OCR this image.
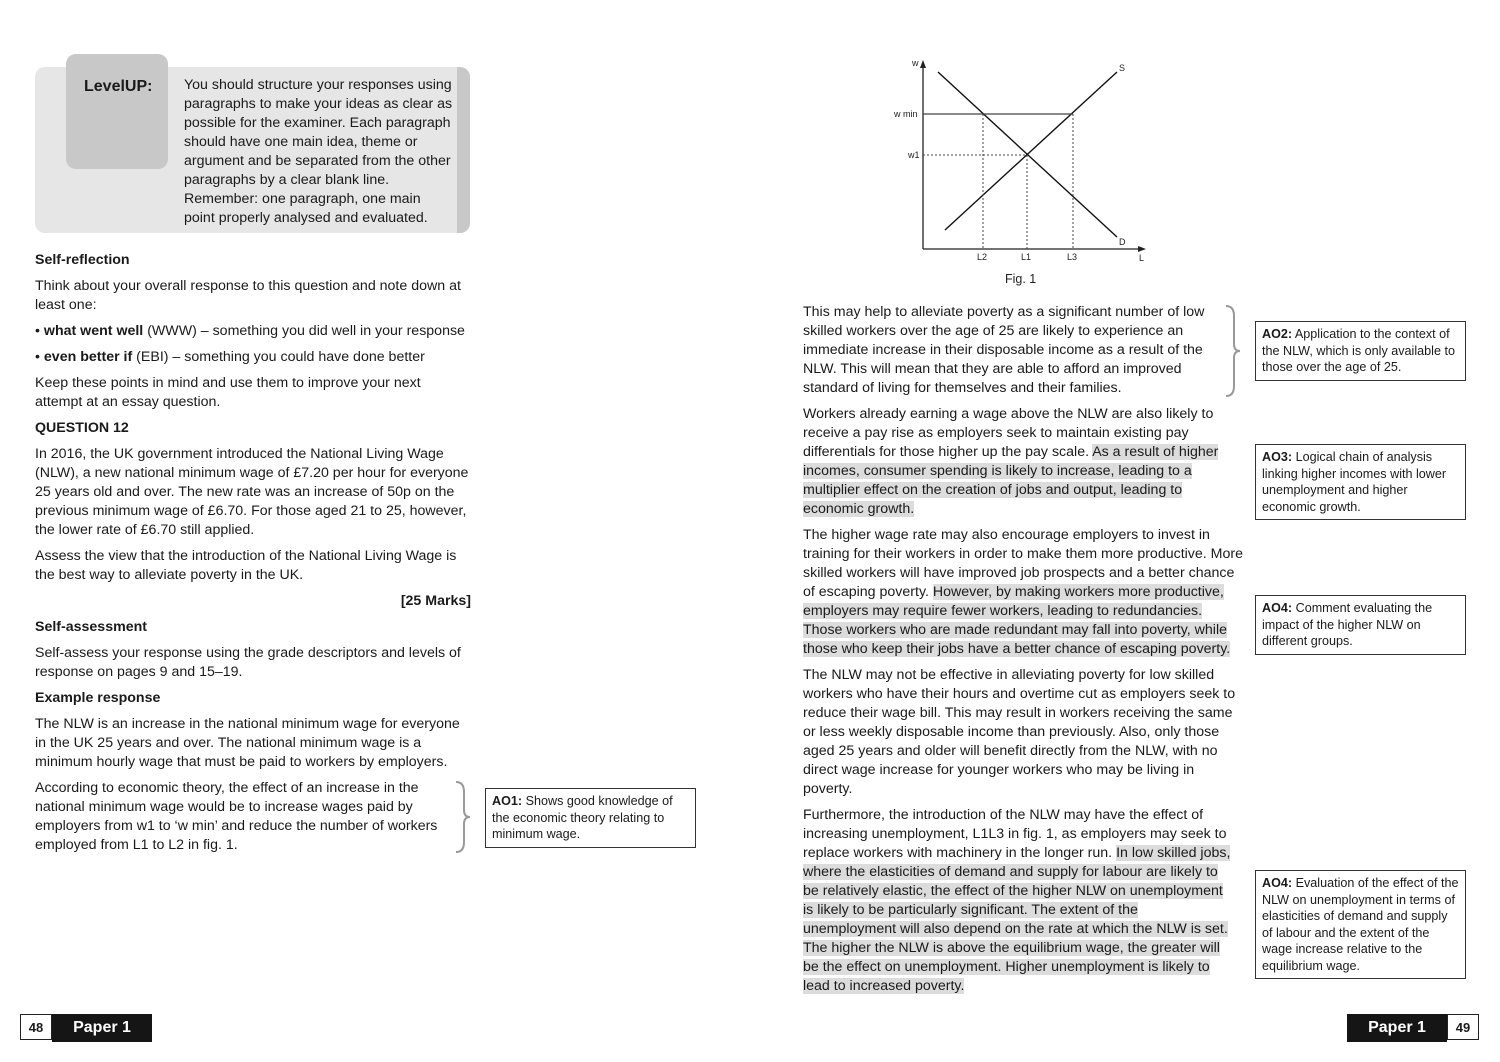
LevelUP: You should structure your responses using paragraphs to make your ideas as clear as possible for the examiner. Each paragraph should have one main idea, theme or argument and be separated from the other paragraphs by a clear blank line. Remember: one paragraph, one main point properly analysed and evaluated.
Self-reflection
Think about your overall response to this question and note down at least one:
• what went well (WWW) – something you did well in your response
• even better if (EBI) – something you could have done better
Keep these points in mind and use them to improve your next attempt at an essay question.
QUESTION 12
In 2016, the UK government introduced the National Living Wage (NLW), a new national minimum wage of £7.20 per hour for everyone 25 years old and over. The new rate was an increase of 50p on the previous minimum wage of £6.70. For those aged 21 to 25, however, the lower rate of £6.70 still applied.
Assess the view that the introduction of the National Living Wage is the best way to alleviate poverty in the UK.
[25 Marks]
Self-assessment
Self-assess your response using the grade descriptors and levels of response on pages 9 and 15–19.
Example response
The NLW is an increase in the national minimum wage for everyone in the UK 25 years and over. The national minimum wage is a minimum hourly wage that must be paid to workers by employers.
According to economic theory, the effect of an increase in the national minimum wage would be to increase wages paid by employers from w1 to ‘w min’ and reduce the number of workers employed from L1 to L2 in fig. 1.
AO1: Shows good knowledge of the economic theory relating to minimum wage.
w
L
w min
w1
L2	L1	L3
S
D
Fig. 1
This may help to alleviate poverty as a significant number of low skilled workers over the age of 25 are likely to experience an immediate increase in their disposable income as a result of the NLW. This will mean that they are able to afford an improved standard of living for themselves and their families.
Workers already earning a wage above the NLW are also likely to receive a pay rise as employers seek to maintain existing pay differentials for those higher up the pay scale. As a result of higher incomes, consumer spending is likely to increase, leading to a multiplier effect on the creation of jobs and output, leading to economic growth.
The higher wage rate may also encourage employers to invest in training for their workers in order to make them more productive. More skilled workers will have improved job prospects and a better chance of escaping poverty. However, by making workers more productive, employers may require fewer workers, leading to redundancies. Those workers who are made redundant may fall into poverty, while those who keep their jobs have a better chance of escaping poverty.
The NLW may not be effective in alleviating poverty for low skilled workers who have their hours and overtime cut as employers seek to reduce their wage bill. This may result in workers receiving the same or less weekly disposable income than previously. Also, only those aged 25 years and older will benefit directly from the NLW, with no direct wage increase for younger workers who may be living in poverty.
Furthermore, the introduction of the NLW may have the effect of increasing unemployment, L1L3 in fig. 1, as employers may seek to replace workers with machinery in the longer run. In low skilled jobs, where the elasticities of demand and supply for labour are likely to be relatively elastic, the effect of the higher NLW on unemployment is likely to be particularly significant. The extent of the unemployment will also depend on the rate at which the NLW is set. The higher the NLW is above the equilibrium wage, the greater will be the effect on unemployment. Higher unemployment is likely to lead to increased poverty.
AO2: Application to the context of the NLW, which is only available to those over the age of 25.
AO3: Logical chain of analysis linking higher incomes with lower unemployment and higher economic growth.
AO4: Comment evaluating the impact of the higher NLW on different groups.
AO4: Evaluation of the effect of the NLW on unemployment in terms of elasticities of demand and supply of labour and the extent of the wage increase relative to the equilibrium wage.
48	Paper 1	Paper 1	49
